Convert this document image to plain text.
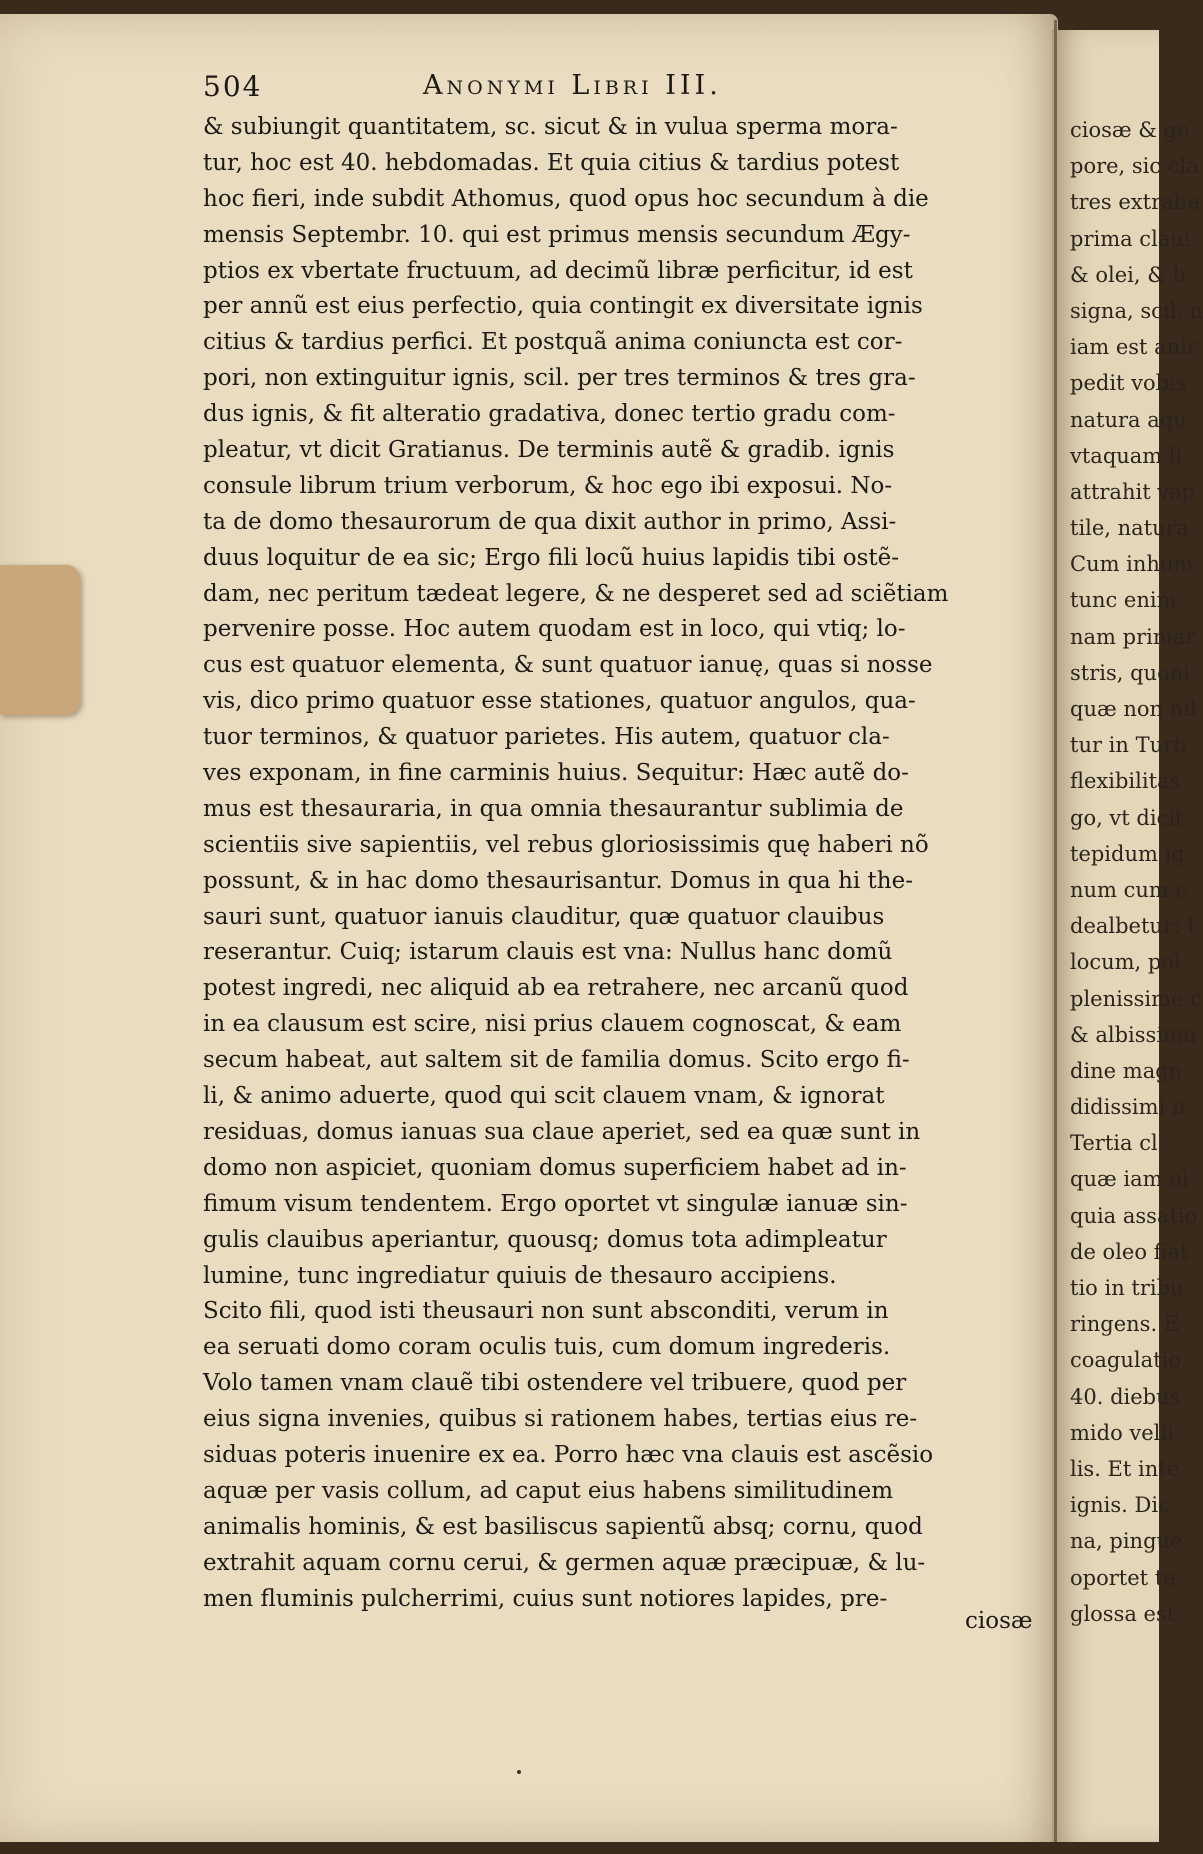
504	Anonymi Libri III.
& subiungit quantitatem, sc. sicut & in vulua sperma mora-
tur, hoc est 40. hebdomadas. Et quia citius & tardius potest
hoc fieri, inde subdit Athomus, quod opus hoc secundum à die
mensis Septembr. 10. qui est primus mensis secundum Ægy-
ptios ex vbertate fructuum, ad decimũ libræ perficitur, id est
per annũ est eius perfectio, quia contingit ex diversitate ignis
citius & tardius perfici. Et postquã anima coniuncta est cor-
pori, non extinguitur ignis, scil. per tres terminos & tres gra-
dus ignis, & fit alteratio gradativa, donec tertio gradu com-
pleatur, vt dicit Gratianus. De terminis autẽ & gradib. ignis
consule librum trium verborum, & hoc ego ibi exposui. No-
ta de domo thesaurorum de qua dixit author in primo, Assi-
duus loquitur de ea sic; Ergo fili locũ huius lapidis tibi ostẽ-
dam, nec peritum tædeat legere, & ne desperet sed ad sciẽtiam
pervenire posse. Hoc autem quodam est in loco, qui vtiq; lo-
cus est quatuor elementa, & sunt quatuor ianuę, quas si nosse
vis, dico primo quatuor esse stationes, quatuor angulos, qua-
tuor terminos, & quatuor parietes. His autem, quatuor cla-
ves exponam, in fine carminis huius. Sequitur: Hæc autẽ do-
mus est thesauraria, in qua omnia thesaurantur sublimia de
scientiis sive sapientiis, vel rebus gloriosissimis quę haberi nõ
possunt, & in hac domo thesaurisantur. Domus in qua hi the-
sauri sunt, quatuor ianuis clauditur, quæ quatuor clauibus
reserantur. Cuiq; istarum clauis est vna: Nullus hanc domũ
potest ingredi, nec aliquid ab ea retrahere, nec arcanũ quod
in ea clausum est scire, nisi prius clauem cognoscat, & eam
secum habeat, aut saltem sit de familia domus. Scito ergo fi-
li, & animo aduerte, quod qui scit clauem vnam, & ignorat
residuas, domus ianuas sua claue aperiet, sed ea quæ sunt in
domo non aspiciet, quoniam domus superficiem habet ad in-
fimum visum tendentem. Ergo oportet vt singulæ ianuæ sin-
gulis clauibus aperiantur, quousq; domus tota adimpleatur
lumine, tunc ingrediatur quiuis de thesauro accipiens.
Scito fili, quod isti theusauri non sunt absconditi, verum in
ea seruati domo coram oculis tuis, cum domum ingrederis.
Volo tamen vnam clauẽ tibi ostendere vel tribuere, quod per
eius signa invenies, quibus si rationem habes, tertias eius re-
siduas poteris inuenire ex ea. Porro hæc vna clauis est ascẽsio
aquæ per vasis collum, ad caput eius habens similitudinem
animalis hominis, & est basiliscus sapientũ absq; cornu, quod
extrahit aquam cornu cerui, & germen aquæ præcipuæ, & lu-
men fluminis pulcherrimi, cuius sunt notiores lapides, pre-
ciosæ
ciosæ & ge
pore, sic cla
tres extrahe
prima claui
& olei, & h
signa, scil. n
iam est anir
pedit vobis
natura aqu
vtaquam li
attrahit vap
tile, natura
Cum inhum
tunc enim
nam primar
stris, quoni
quæ non nil
tur in Turb
flexibilitas
go, vt dicit
tepidum ig
num cum c
dealbetur: I
locum, pol
plenissime c
& albissimu
dine magn
didissimi n
Tertia cl
quæ iam ol
quia assatio
de oleo fiat
tio in tribu
ringens. E
coagulatio
40. diebus
mido velli
lis. Et inte
ignis. Dic
na, pingue
oportet te
glossa est
